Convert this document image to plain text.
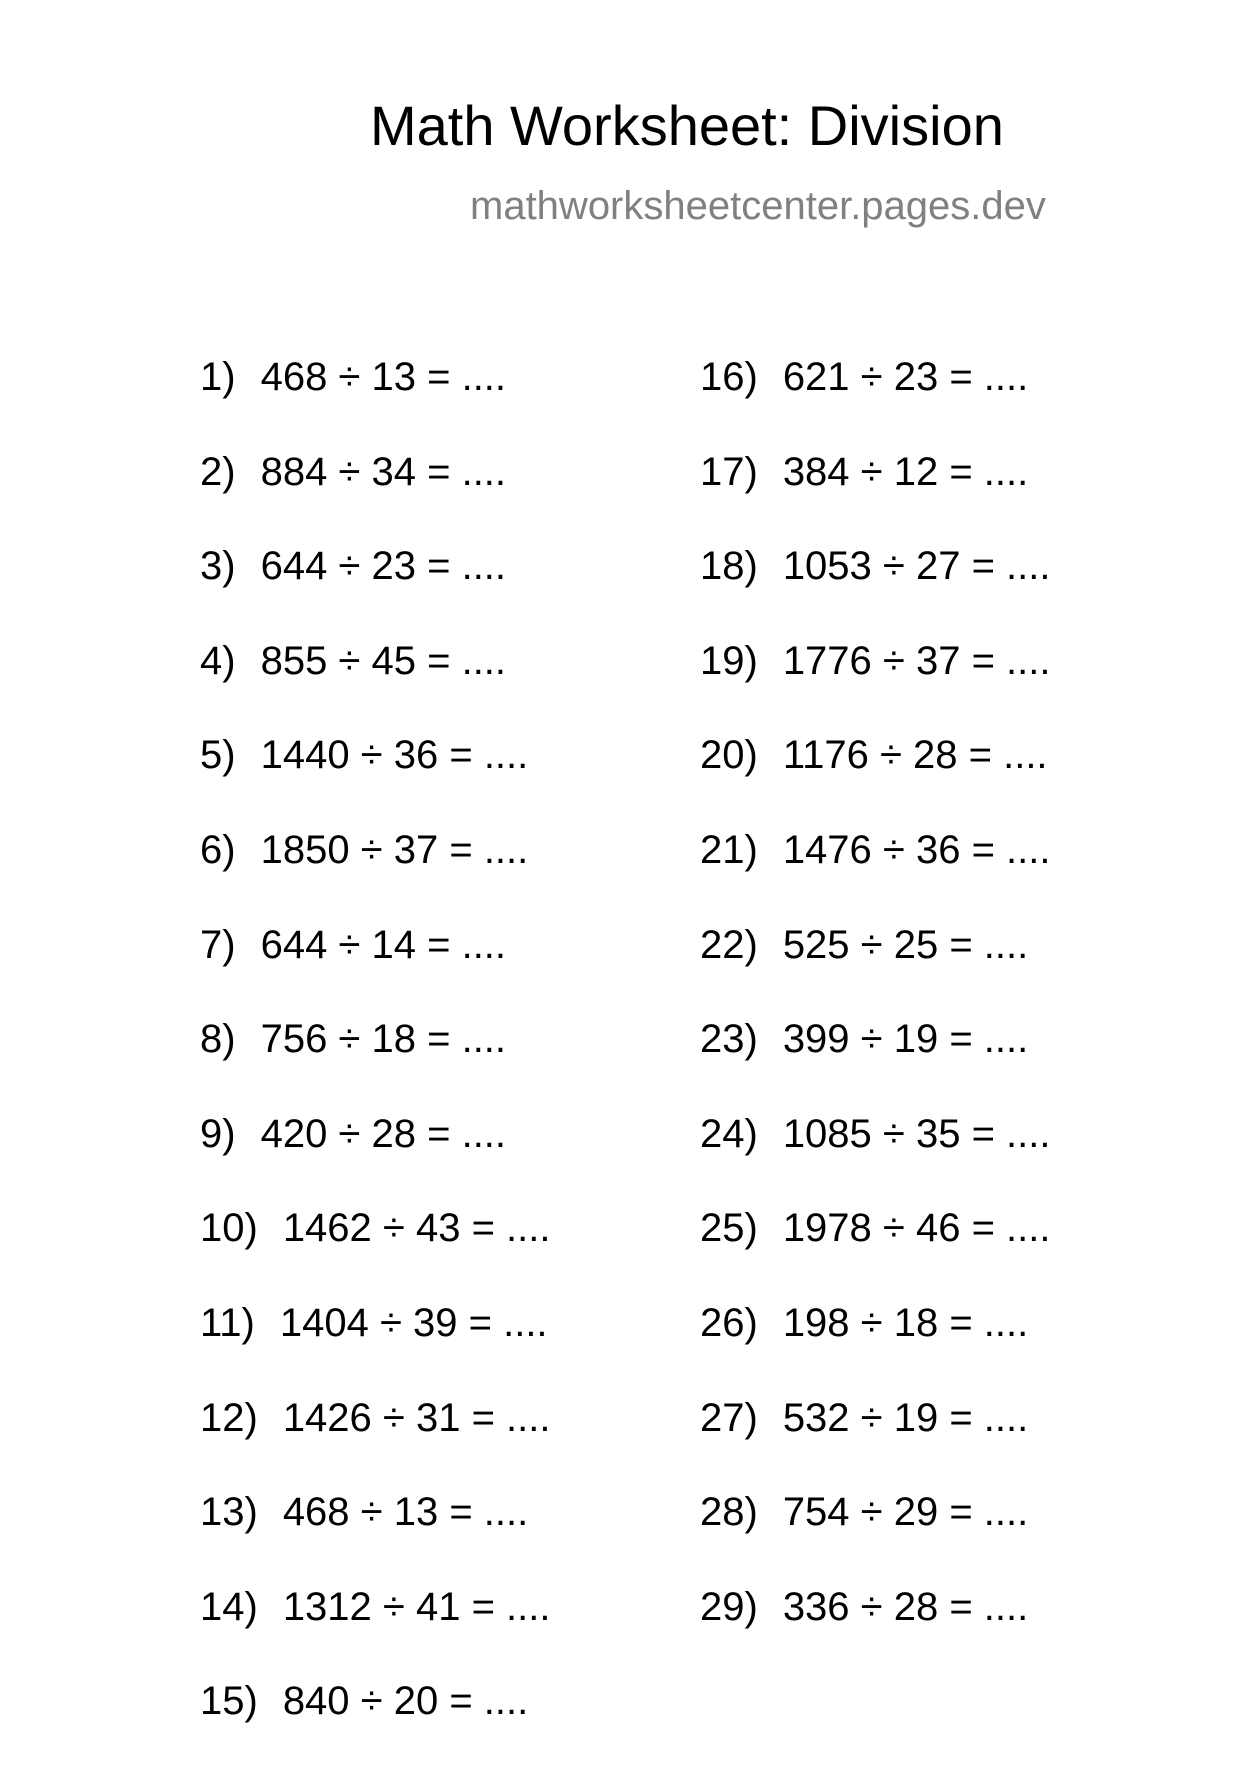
Math Worksheet: Division
mathworksheetcenter.pages.dev
1) 468 ÷ 13 = ....
2) 884 ÷ 34 = ....
3) 644 ÷ 23 = ....
4) 855 ÷ 45 = ....
5) 1440 ÷ 36 = ....
6) 1850 ÷ 37 = ....
7) 644 ÷ 14 = ....
8) 756 ÷ 18 = ....
9) 420 ÷ 28 = ....
10) 1462 ÷ 43 = ....
11) 1404 ÷ 39 = ....
12) 1426 ÷ 31 = ....
13) 468 ÷ 13 = ....
14) 1312 ÷ 41 = ....
15) 840 ÷ 20 = ....
16) 621 ÷ 23 = ....
17) 384 ÷ 12 = ....
18) 1053 ÷ 27 = ....
19) 1776 ÷ 37 = ....
20) 1176 ÷ 28 = ....
21) 1476 ÷ 36 = ....
22) 525 ÷ 25 = ....
23) 399 ÷ 19 = ....
24) 1085 ÷ 35 = ....
25) 1978 ÷ 46 = ....
26) 198 ÷ 18 = ....
27) 532 ÷ 19 = ....
28) 754 ÷ 29 = ....
29) 336 ÷ 28 = ....
